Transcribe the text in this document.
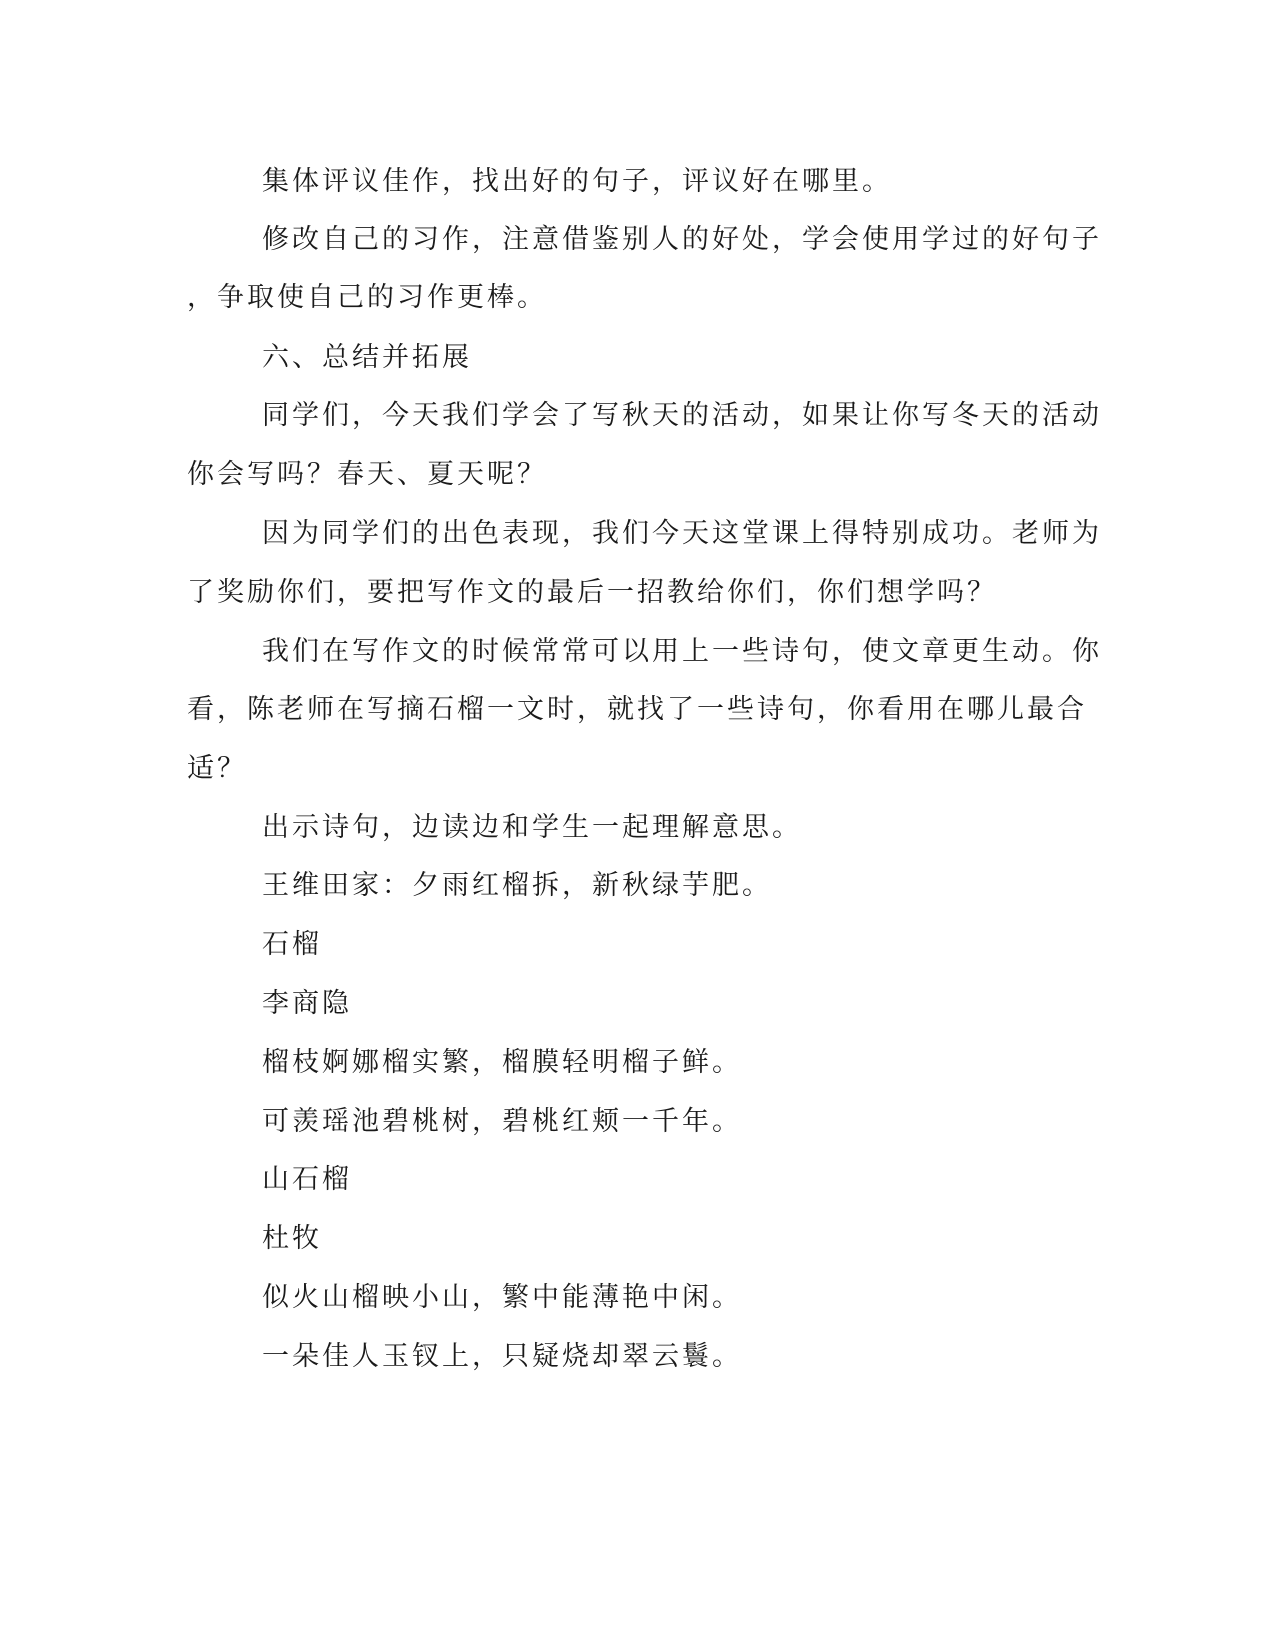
集体评议佳作，找出好的句子，评议好在哪里。
修改自己的习作，注意借鉴别人的好处，学会使用学过的好句子
，争取使自己的习作更棒。
六、总结并拓展
同学们，今天我们学会了写秋天的活动，如果让你写冬天的活动
你会写吗？春天、夏天呢？
因为同学们的出色表现，我们今天这堂课上得特别成功。老师为
了奖励你们，要把写作文的最后一招教给你们，你们想学吗？
我们在写作文的时候常常可以用上一些诗句，使文章更生动。你
看，陈老师在写摘石榴一文时，就找了一些诗句，你看用在哪儿最合
适？
出示诗句，边读边和学生一起理解意思。
王维田家：夕雨红榴拆，新秋绿芋肥。
石榴
李商隐
榴枝婀娜榴实繁，榴膜轻明榴子鲜。
可羡瑶池碧桃树，碧桃红颊一千年。
山石榴
杜牧
似火山榴映小山，繁中能薄艳中闲。
一朵佳人玉钗上，只疑烧却翠云鬟。
